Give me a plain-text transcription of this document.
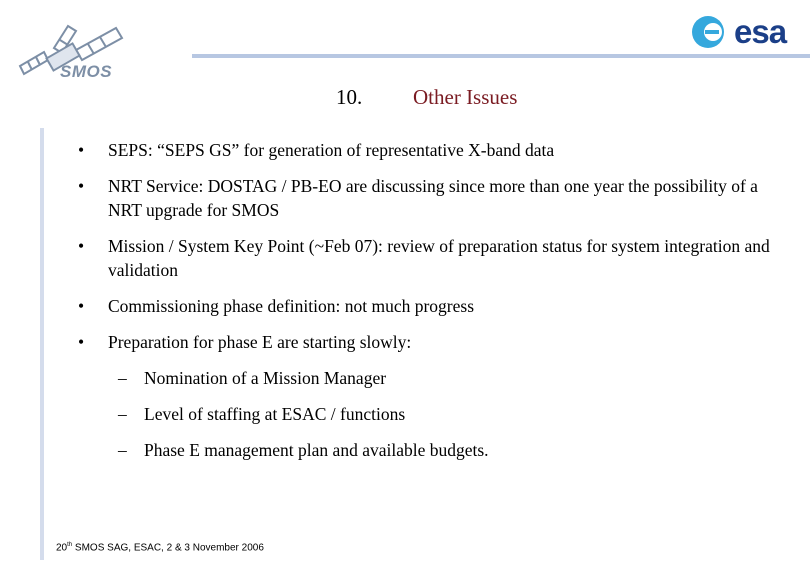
SMOS
esa
10. Other Issues
• SEPS: “SEPS GS” for generation of representative X-band data
• NRT Service: DOSTAG / PB-EO are discussing since more than one year the possibility of a NRT upgrade for SMOS
• Mission / System Key Point (~Feb 07): review of preparation status for system integration and validation
• Commissioning phase definition: not much progress
• Preparation for phase E are starting slowly:
– Nomination of a Mission Manager
– Level of staffing at ESAC / functions
– Phase E management plan and available budgets.
20th SMOS SAG, ESAC, 2 & 3 November 2006
